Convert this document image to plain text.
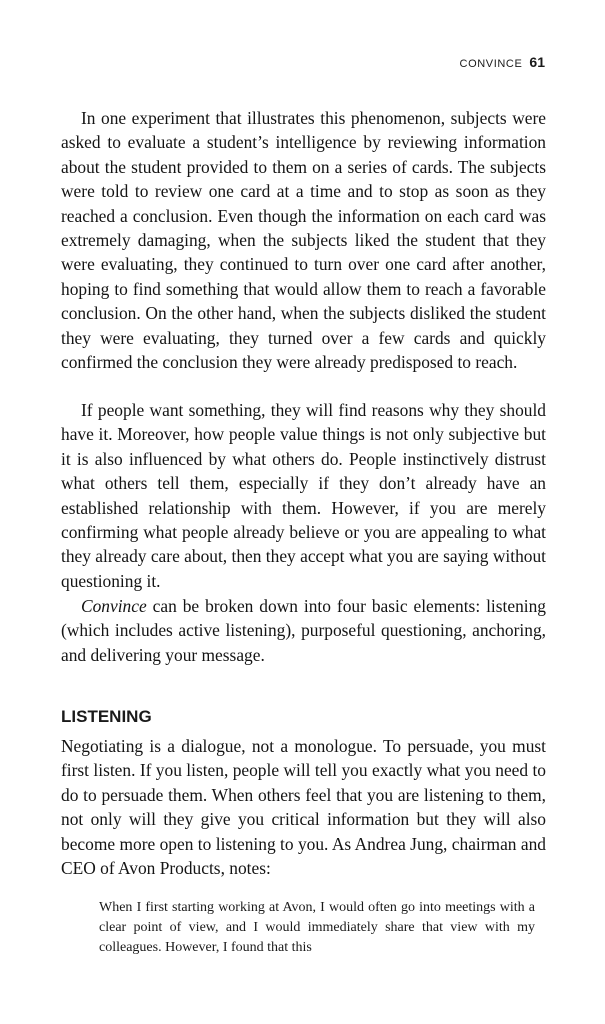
CONVINCE 61

In one experiment that illustrates this phenomenon, subjects were asked to evaluate a student’s intelligence by reviewing information about the student provided to them on a series of cards. The subjects were told to review one card at a time and to stop as soon as they reached a conclusion. Even though the information on each card was extremely damaging, when the subjects liked the student that they were evaluating, they continued to turn over one card after another, hoping to find something that would allow them to reach a favorable conclusion. On the other hand, when the subjects disliked the student they were evaluating, they turned over a few cards and quickly confirmed the conclusion they were already predisposed to reach.

If people want something, they will find reasons why they should have it. Moreover, how people value things is not only subjective but it is also influenced by what others do. People instinctively distrust what others tell them, especially if they don’t already have an established relationship with them. However, if you are merely confirming what people already believe or you are appealing to what they already care about, then they accept what you are saying without questioning it.

Convince can be broken down into four basic elements: listening (which includes active listening), purposeful questioning, anchoring, and delivering your message.

LISTENING

Negotiating is a dialogue, not a monologue. To persuade, you must first listen. If you listen, people will tell you exactly what you need to do to persuade them. When others feel that you are listening to them, not only will they give you critical information but they will also become more open to listening to you. As Andrea Jung, chairman and CEO of Avon Products, notes:

When I first starting working at Avon, I would often go into meetings with a clear point of view, and I would immediately share that view with my colleagues. However, I found that this
